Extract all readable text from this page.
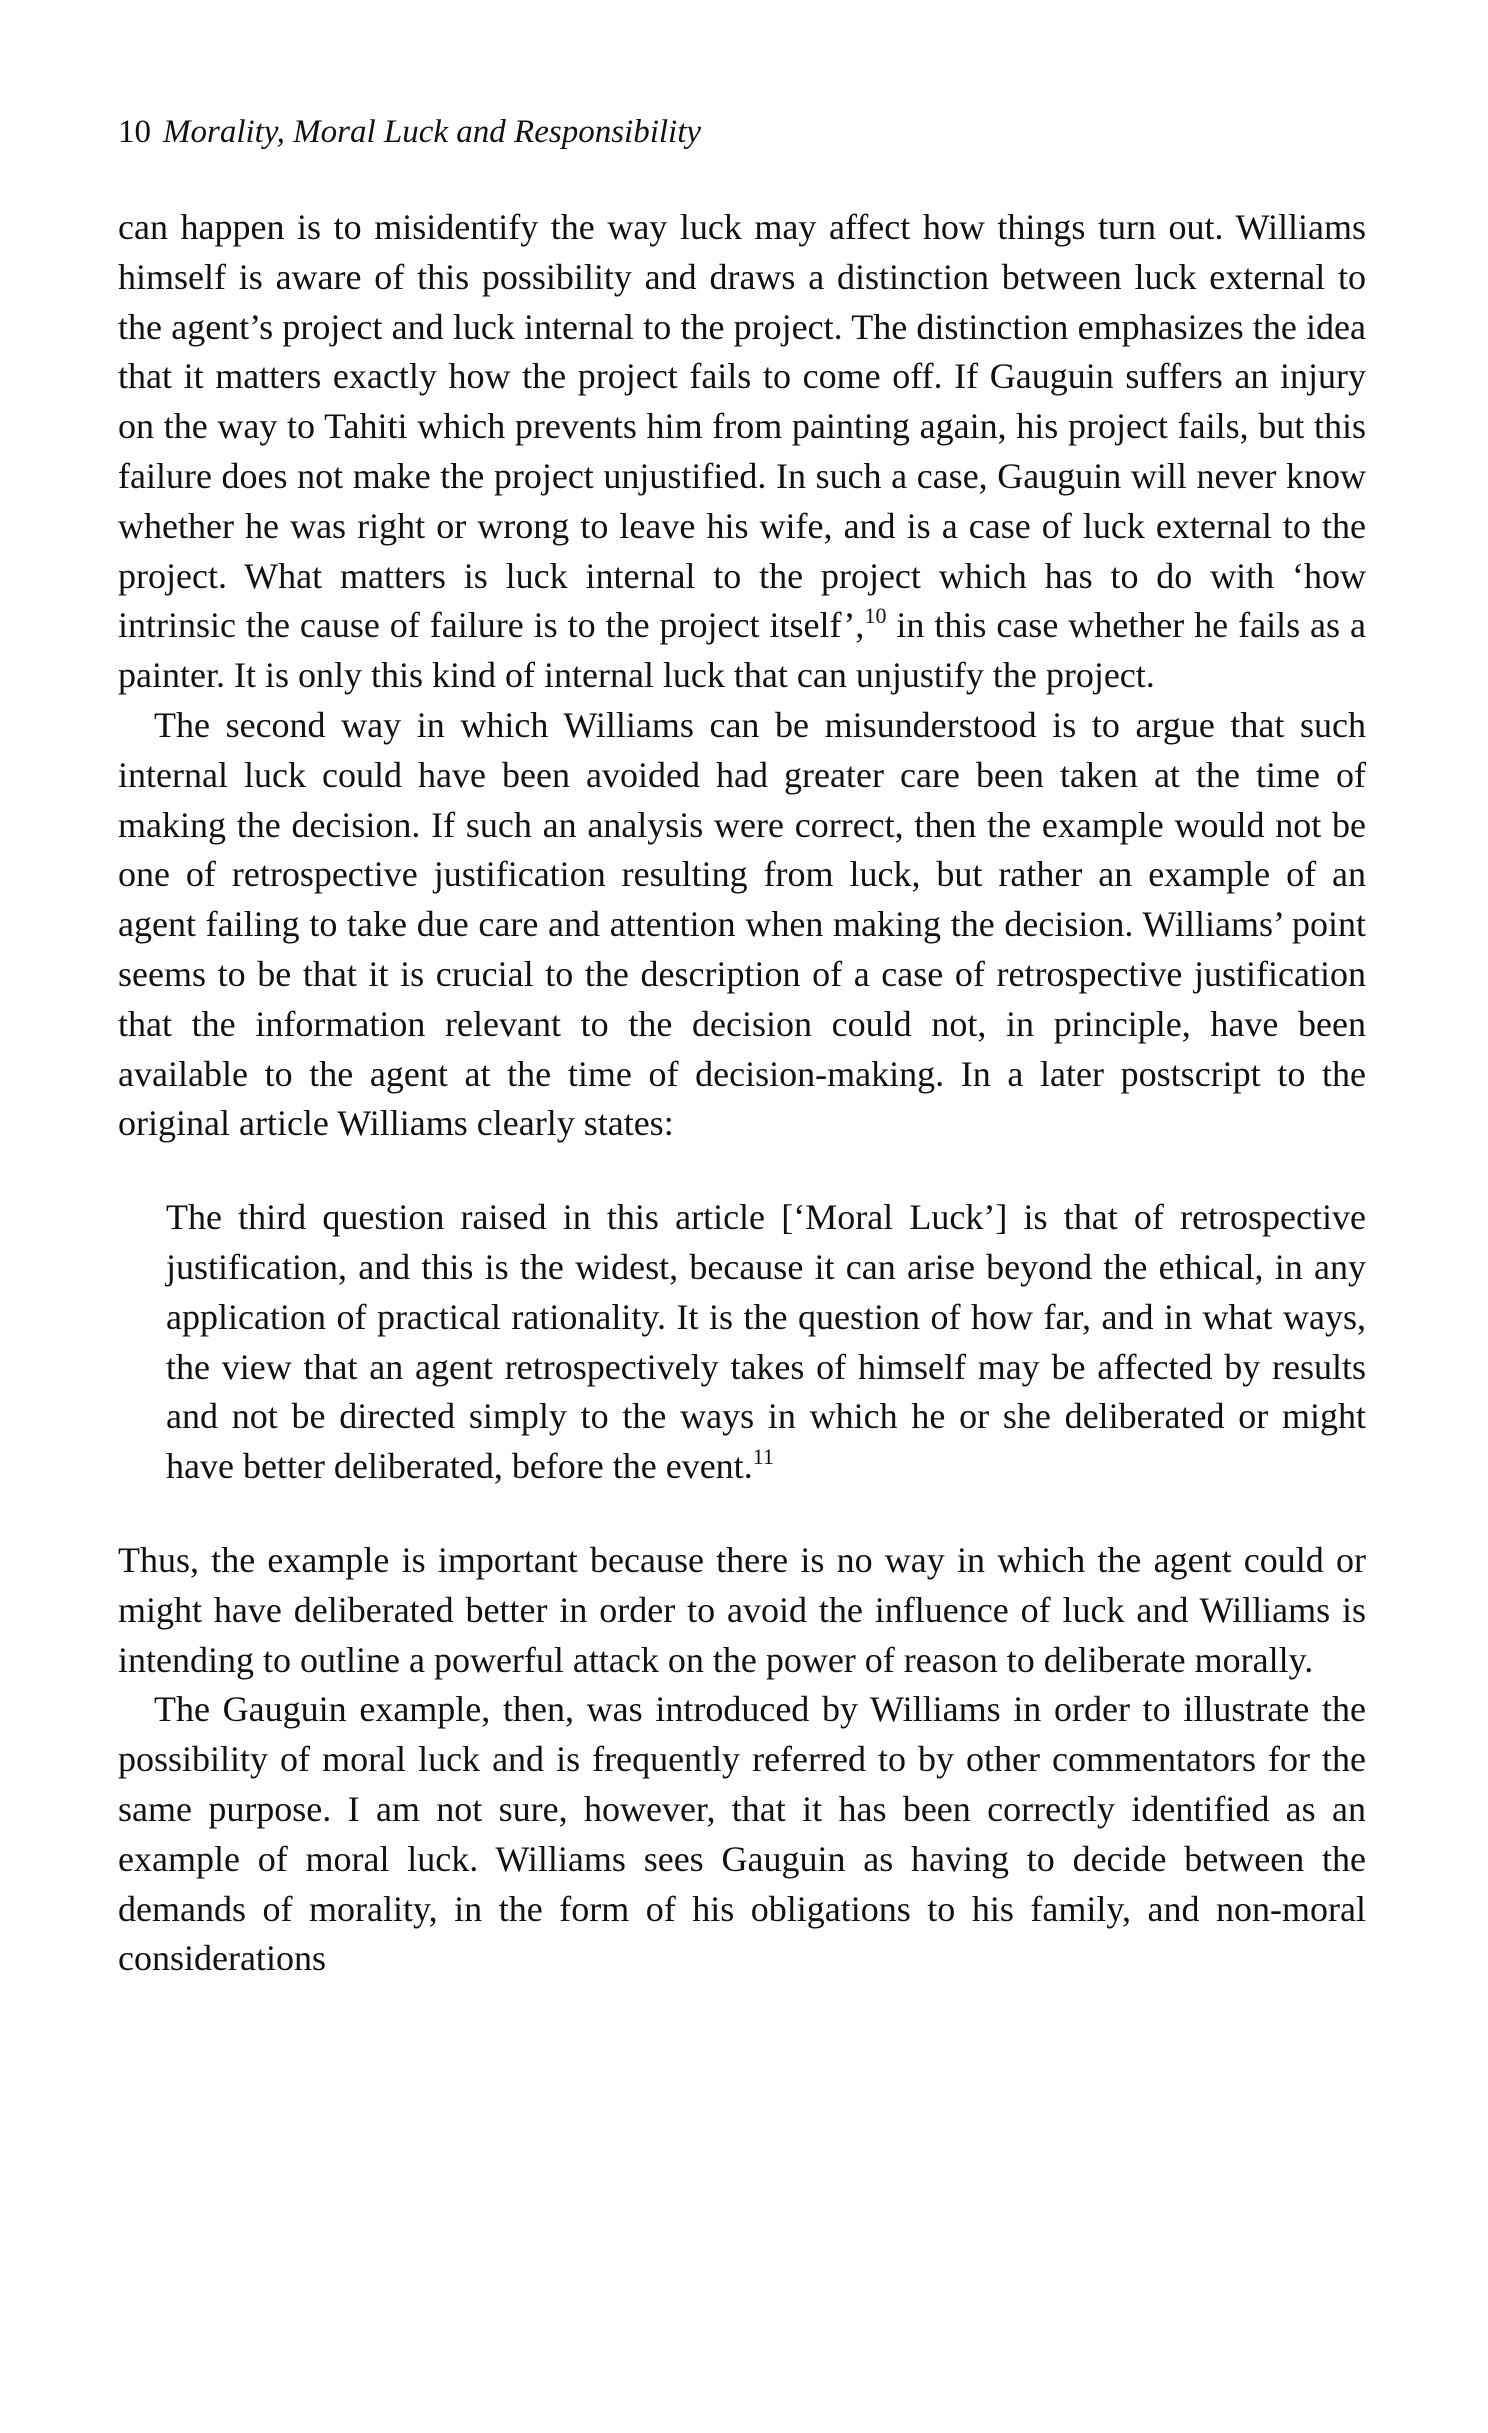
10 Morality, Moral Luck and Responsibility

can happen is to misidentify the way luck may affect how things turn out. Williams himself is aware of this possibility and draws a distinction between luck external to the agent’s project and luck internal to the project. The distinction emphasizes the idea that it matters exactly how the project fails to come off. If Gauguin suffers an injury on the way to Tahiti which prevents him from painting again, his project fails, but this failure does not make the project unjustified. In such a case, Gauguin will never know whether he was right or wrong to leave his wife, and is a case of luck external to the project. What matters is luck internal to the project which has to do with ‘how intrinsic the cause of failure is to the project itself’,$^{10}$ in this case whether he fails as a painter. It is only this kind of internal luck that can unjustify the project.

The second way in which Williams can be misunderstood is to argue that such internal luck could have been avoided had greater care been taken at the time of making the decision. If such an analysis were correct, then the example would not be one of retrospective justification resulting from luck, but rather an example of an agent failing to take due care and attention when making the decision. Williams’ point seems to be that it is crucial to the description of a case of retrospective justification that the information relevant to the decision could not, in principle, have been available to the agent at the time of decision-making. In a later postscript to the original article Williams clearly states:

The third question raised in this article [‘Moral Luck’] is that of retrospective justification, and this is the widest, because it can arise beyond the ethical, in any application of practical rationality. It is the question of how far, and in what ways, the view that an agent retrospectively takes of himself may be affected by results and not be directed simply to the ways in which he or she deliberated or might have better deliberated, before the event.$^{11}$

Thus, the example is important because there is no way in which the agent could or might have deliberated better in order to avoid the influence of luck and Williams is intending to outline a powerful attack on the power of reason to deliberate morally.

The Gauguin example, then, was introduced by Williams in order to illustrate the possibility of moral luck and is frequently referred to by other commentators for the same purpose. I am not sure, however, that it has been correctly identified as an example of moral luck. Williams sees Gauguin as having to decide between the demands of morality, in the form of his obligations to his family, and non-moral considerations
